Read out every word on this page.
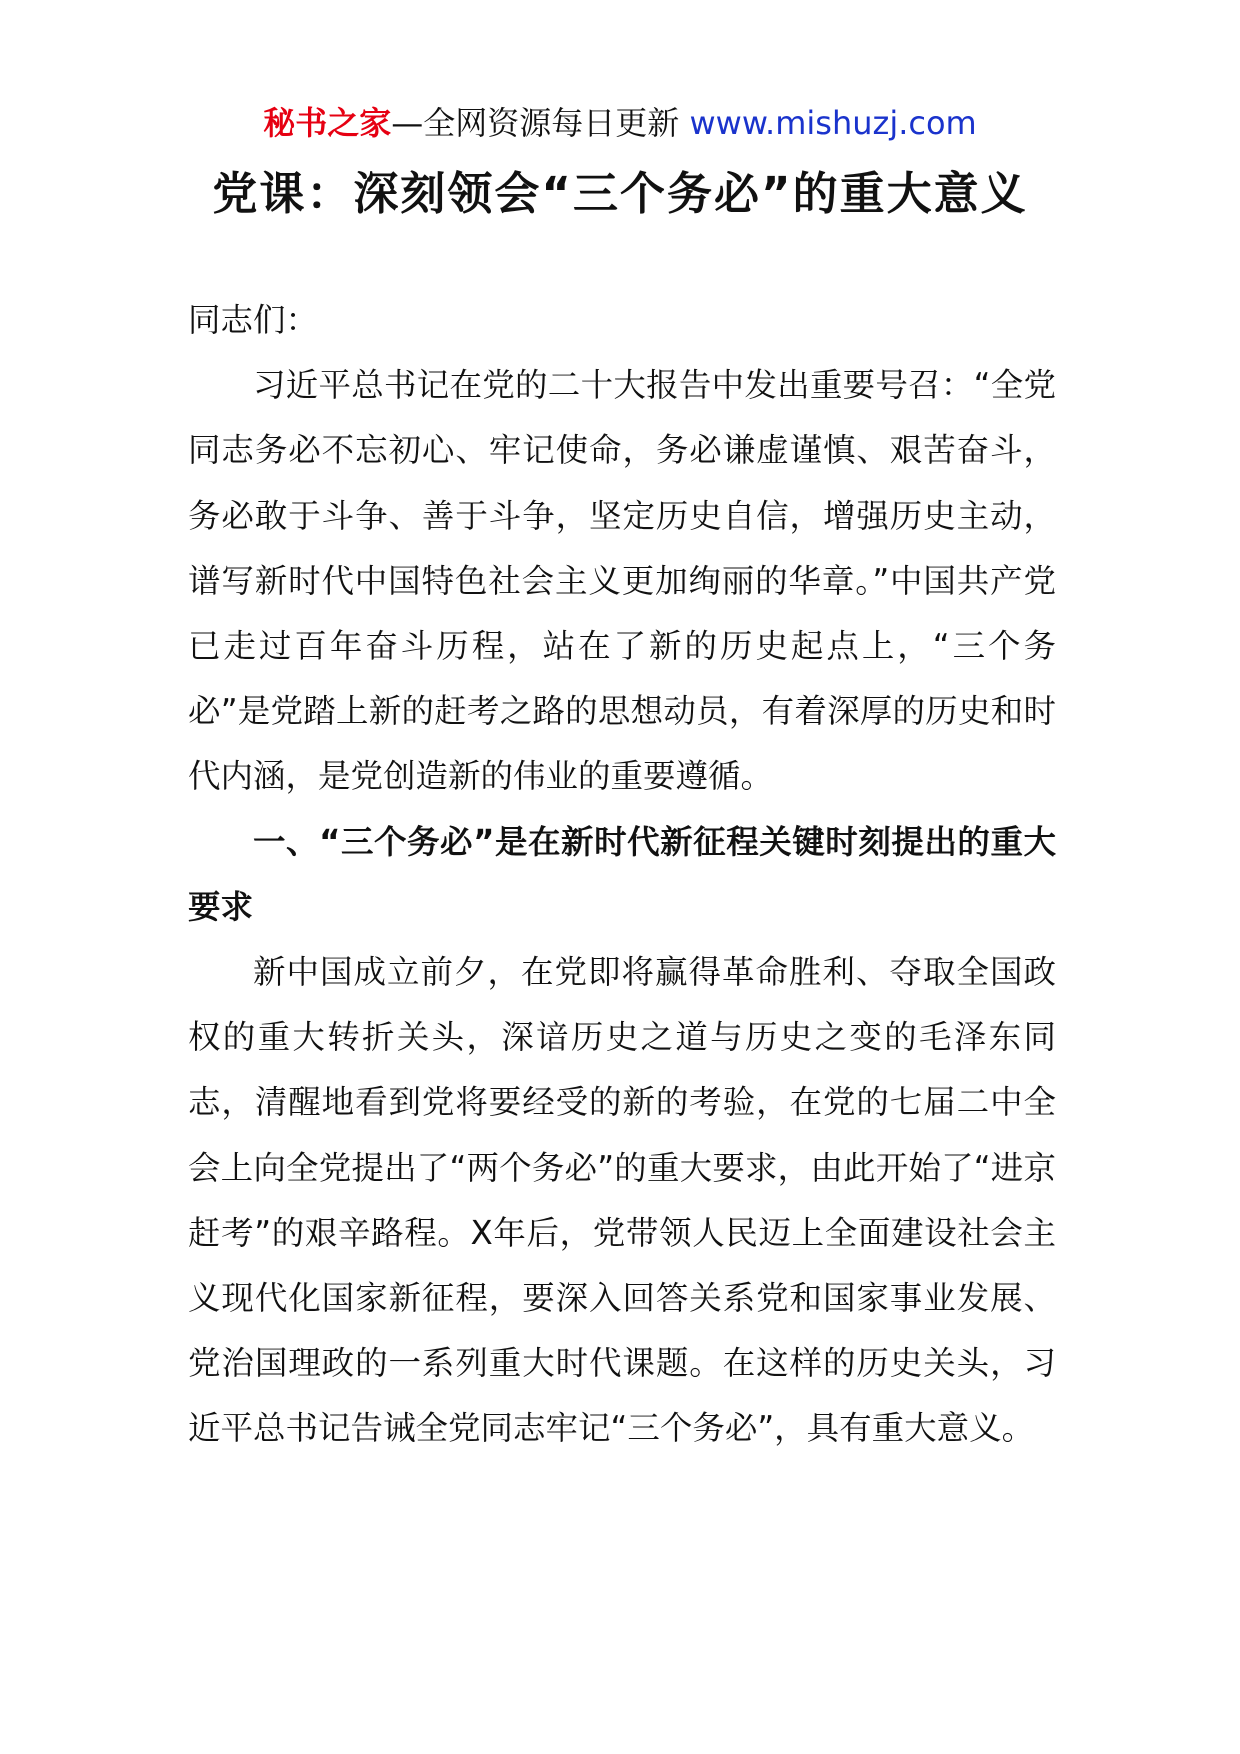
秘书之家—全网资源每日更新 www.mishuzj.com
党课：深刻领会“三个务必”的重大意义

同志们：

习近平总书记在党的二十大报告中发出重要号召：“全党同志务必不忘初心、牢记使命，务必谦虚谨慎、艰苦奋斗，务必敢于斗争、善于斗争，坚定历史自信，增强历史主动，谱写新时代中国特色社会主义更加绚丽的华章。”中国共产党已走过百年奋斗历程，站在了新的历史起点上，“三个务必”是党踏上新的赶考之路的思想动员，有着深厚的历史和时代内涵，是党创造新的伟业的重要遵循。

一、“三个务必”是在新时代新征程关键时刻提出的重大要求

新中国成立前夕，在党即将赢得革命胜利、夺取全国政权的重大转折关头，深谙历史之道与历史之变的毛泽东同志，清醒地看到党将要经受的新的考验，在党的七届二中全会上向全党提出了“两个务必”的重大要求，由此开始了“进京赶考”的艰辛路程。X年后，党带领人民迈上全面建设社会主义现代化国家新征程，要深入回答关系党和国家事业发展、党治国理政的一系列重大时代课题。在这样的历史关头，习近平总书记告诫全党同志牢记“三个务必”，具有重大意义。
